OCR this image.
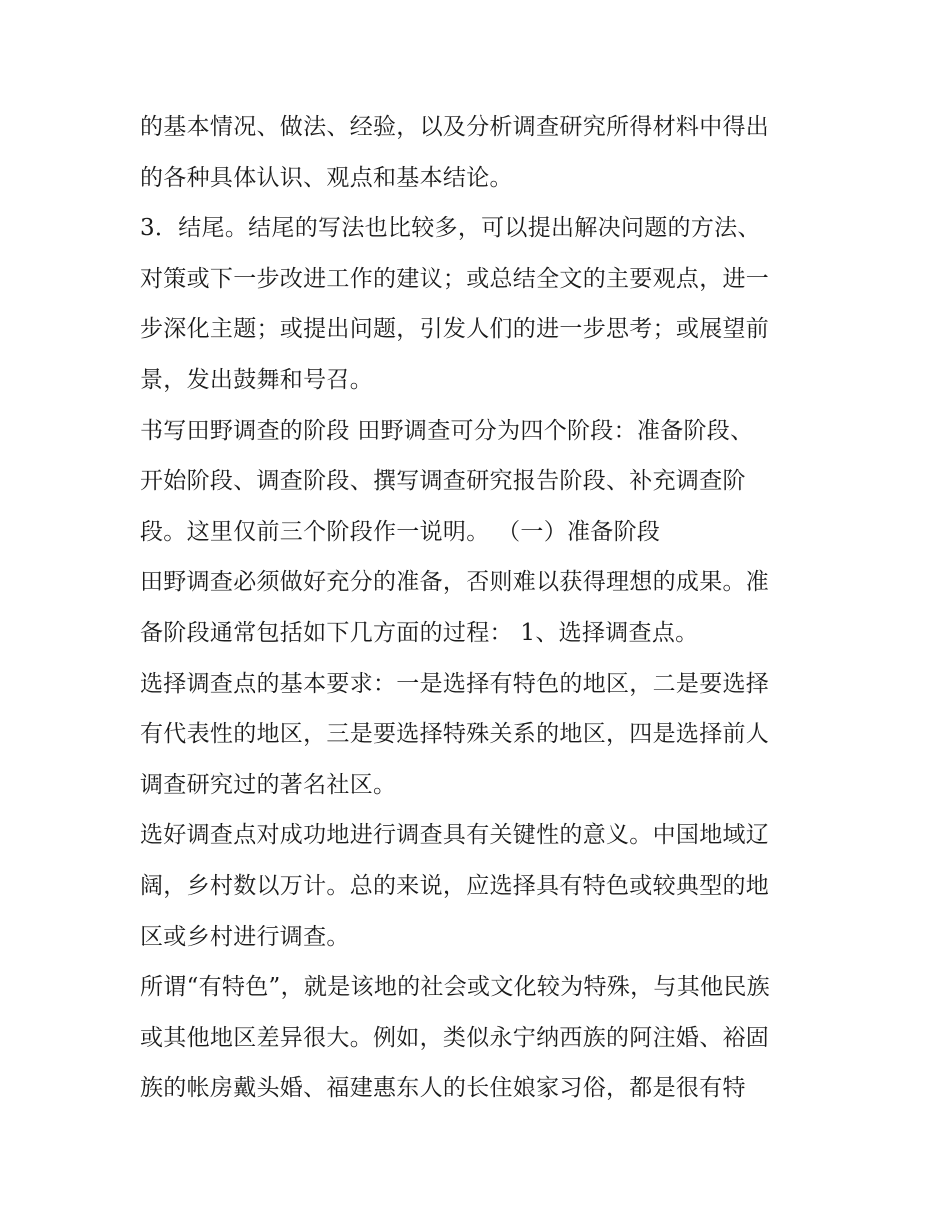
的基本情况、做法、经验，以及分析调查研究所得材料中得出
的各种具体认识、观点和基本结论。
3．结尾。结尾的写法也比较多，可以提出解决问题的方法、
对策或下一步改进工作的建议；或总结全文的主要观点，进一
步深化主题；或提出问题，引发人们的进一步思考；或展望前
景，发出鼓舞和号召。
书写田野调查的阶段 田野调查可分为四个阶段：准备阶段、
开始阶段、调查阶段、撰写调查研究报告阶段、补充调查阶
段。这里仅前三个阶段作一说明。 （一）准备阶段
田野调查必须做好充分的准备，否则难以获得理想的成果。准
备阶段通常包括如下几方面的过程： 1、选择调查点。
选择调查点的基本要求：一是选择有特色的地区，二是要选择
有代表性的地区，三是要选择特殊关系的地区，四是选择前人
调查研究过的著名社区。
选好调查点对成功地进行调查具有关键性的意义。中国地域辽
阔，乡村数以万计。总的来说，应选择具有特色或较典型的地
区或乡村进行调查。
所谓“有特色”，就是该地的社会或文化较为特殊，与其他民族
或其他地区差异很大。例如，类似永宁纳西族的阿注婚、裕固
族的帐房戴头婚、福建惠东人的长住娘家习俗，都是很有特
